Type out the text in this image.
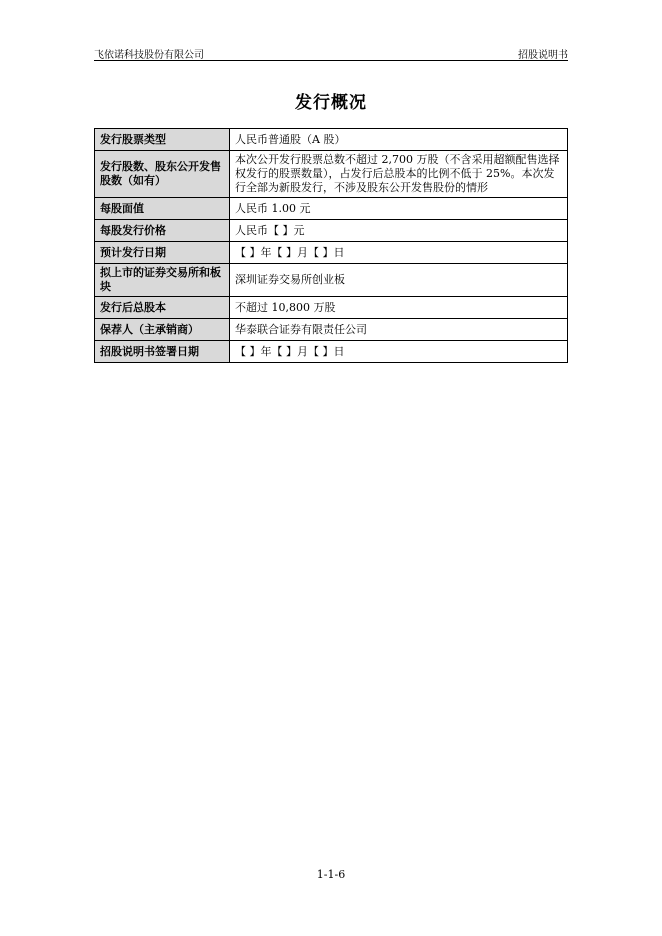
飞依诺科技股份有限公司	招股说明书
发行概况
发行股票类型	人民币普通股（A 股）
发行股数、股东公开发售股数（如有）	本次公开发行股票总数不超过 2,700 万股（不含采用超额配售选择权发行的股票数量），占发行后总股本的比例不低于 25%。本次发行全部为新股发行，不涉及股东公开发售股份的情形
每股面值	人民币 1.00 元
每股发行价格	人民币【 】元
预计发行日期	【 】年【 】月【 】日
拟上市的证券交易所和板块	深圳证券交易所创业板
发行后总股本	不超过 10,800 万股
保荐人（主承销商）	华泰联合证券有限责任公司
招股说明书签署日期	【 】年【 】月【 】日
1-1-6
